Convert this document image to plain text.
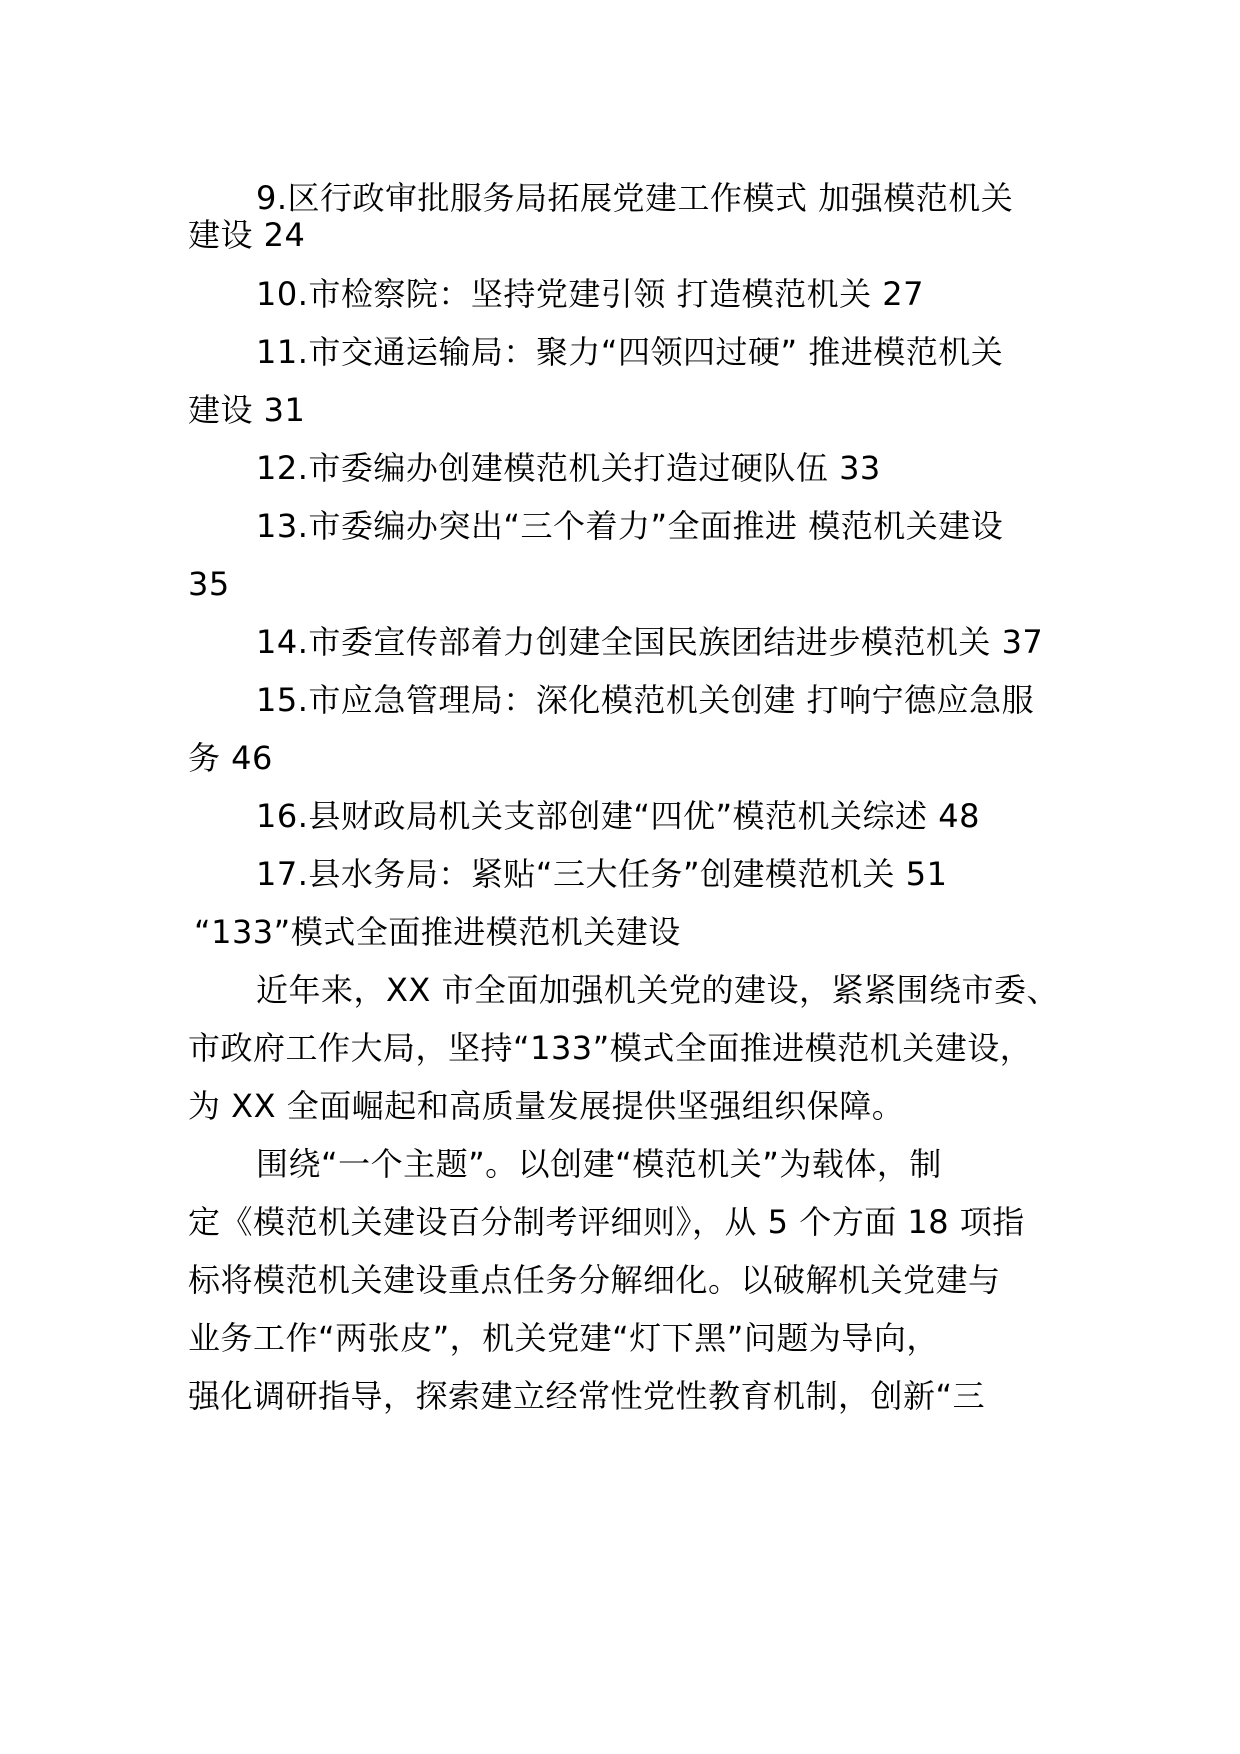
9.区行政审批服务局拓展党建工作模式 加强模范机关
建设 24
10.市检察院：坚持党建引领 打造模范机关 27
11.市交通运输局：聚力“四领四过硬” 推进模范机关
建设 31
12.市委编办创建模范机关打造过硬队伍 33
13.市委编办突出“三个着力”全面推进 模范机关建设
35
14.市委宣传部着力创建全国民族团结进步模范机关 37
15.市应急管理局：深化模范机关创建 打响宁德应急服
务 46
16.县财政局机关支部创建“四优”模范机关综述 48
17.县水务局：紧贴“三大任务”创建模范机关 51
“133”模式全面推进模范机关建设
近年来，XX 市全面加强机关党的建设，紧紧围绕市委、
市政府工作大局，坚持“133”模式全面推进模范机关建设，
为 XX 全面崛起和高质量发展提供坚强组织保障。
围绕“一个主题”。以创建“模范机关”为载体，制
定《模范机关建设百分制考评细则》，从 5 个方面 18 项指
标将模范机关建设重点任务分解细化。以破解机关党建与
业务工作“两张皮”，机关党建“灯下黑”问题为导向，
强化调研指导，探索建立经常性党性教育机制，创新“三
